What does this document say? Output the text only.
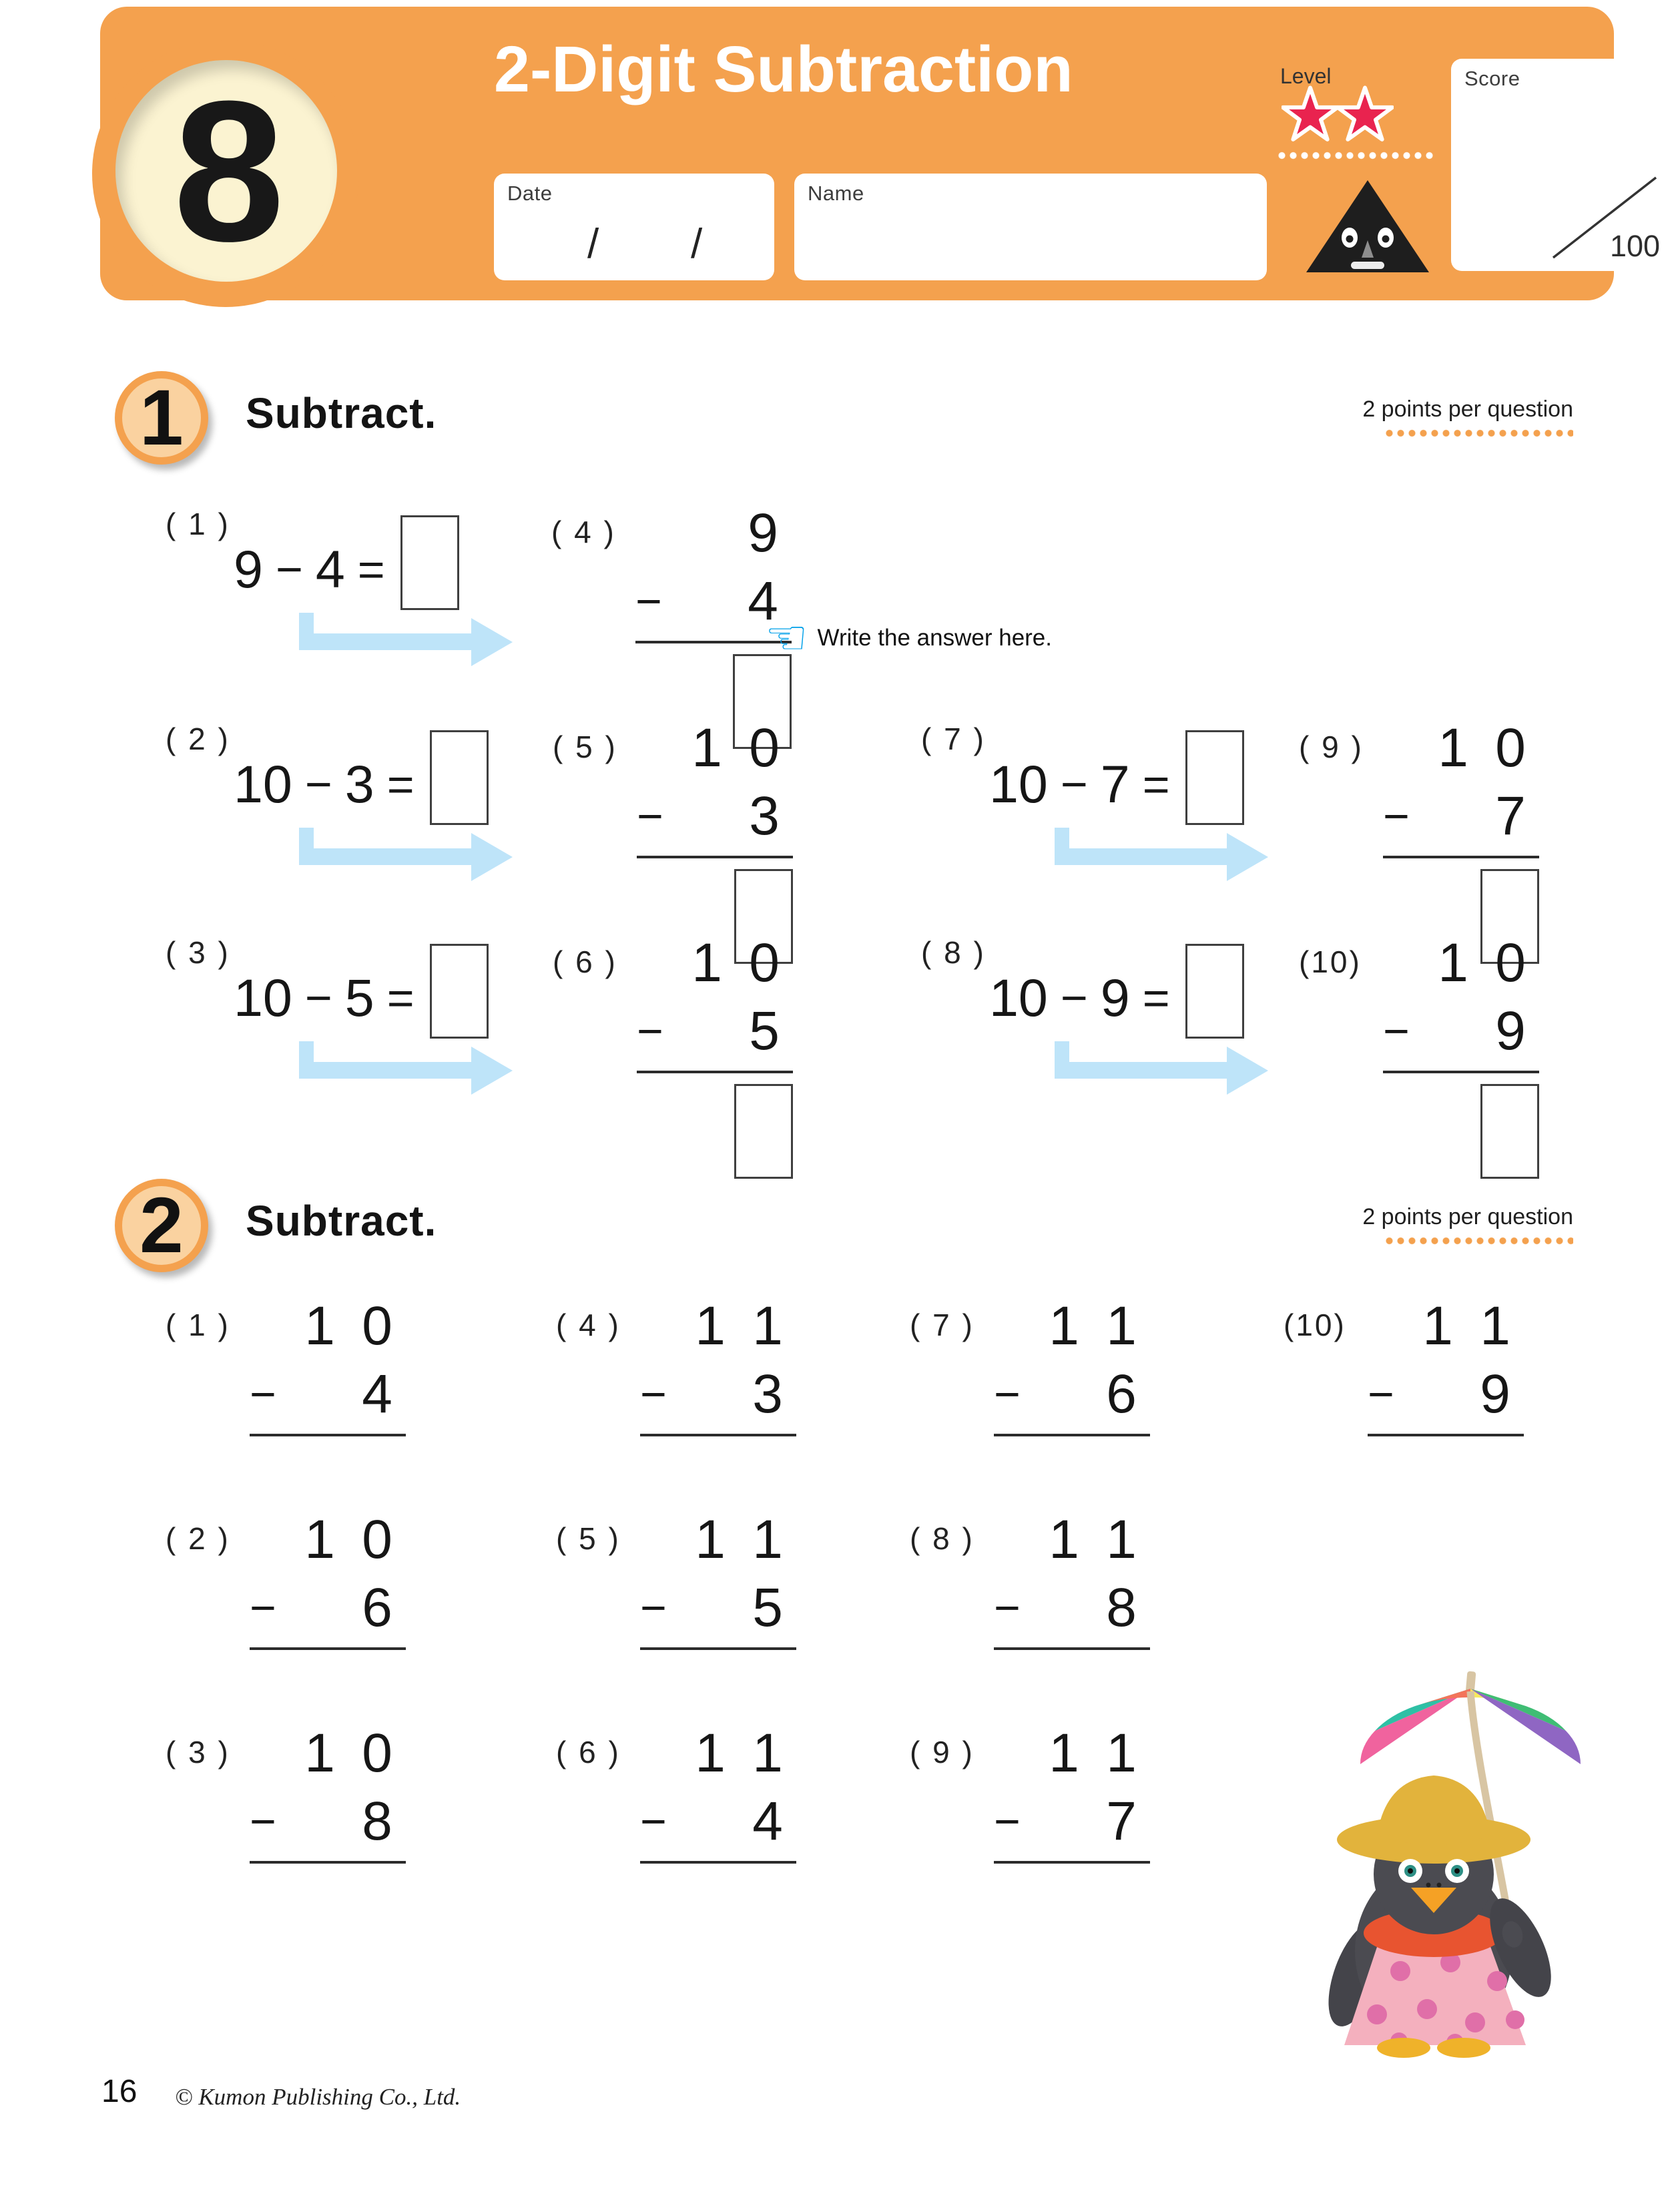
2-Digit Subtraction
Date
/ /
Name
Level	Score
100
8
1 Subtract.	2 points per question
( 1 )
9 − 4 =
( 2 )
10 − 3 =
( 3 )
10 − 5 =
( 7 )
10 − 7 =
( 8 )
10 − 9 =
( 4 ) 9
− 4
( 5 ) 1 0
− 3
( 6 ) 1 0
− 5
( 9 ) 1 0
− 7
(10) 1 0
− 9
☜ Write the answer here.
2 Subtract.	2 points per question
( 1 ) 1 0
− 4
( 4 ) 1 1
− 3
( 7 ) 1 1
− 6
(10) 1 1
− 9
( 2 ) 1 0
− 6
( 5 ) 1 1
− 5
( 8 ) 1 1
− 8
( 3 ) 1 0
− 8
( 6 ) 1 1
− 4
( 9 ) 1 1
− 7
16 © Kumon Publishing Co., Ltd.
